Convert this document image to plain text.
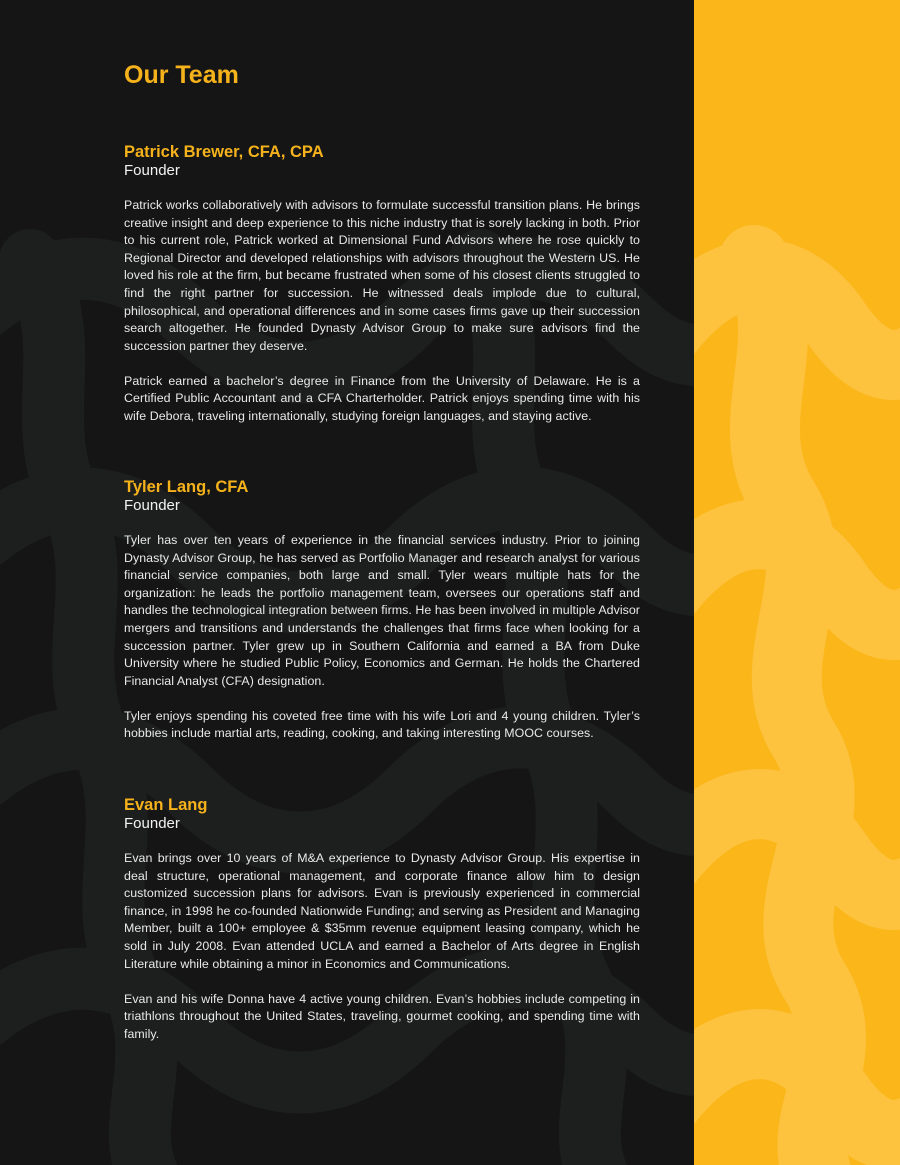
Our Team
Patrick Brewer, CFA, CPA

Founder

Patrick works collaboratively with advisors to formulate successful transition plans. He brings creative insight and deep experience to this niche industry that is sorely lacking in both. Prior to his current role, Patrick worked at Dimensional Fund Advisors where he rose quickly to Regional Director and developed relationships with advisors throughout the Western US. He loved his role at the firm, but became frustrated when some of his closest clients struggled to find the right partner for succession. He witnessed deals implode due to cultural, philosophical, and operational differences and in some cases firms gave up their succession search altogether. He founded Dynasty Advisor Group to make sure advisors find the succession partner they deserve.

Patrick earned a bachelor’s degree in Finance from the University of Delaware. He is a Certified Public Accountant and a CFA Charterholder. Patrick enjoys spending time with his wife Debora, traveling internationally, studying foreign languages, and staying active.

Tyler Lang, CFA

Founder

Tyler has over ten years of experience in the financial services industry. Prior to joining Dynasty Advisor Group, he has served as Portfolio Manager and research analyst for various financial service companies, both large and small. Tyler wears multiple hats for the organization: he leads the portfolio management team, oversees our operations staff and handles the technological integration between firms. He has been involved in multiple Advisor mergers and transitions and understands the challenges that firms face when looking for a succession partner. Tyler grew up in Southern California and earned a BA from Duke University where he studied Public Policy, Economics and German. He holds the Chartered Financial Analyst (CFA) designation.

Tyler enjoys spending his coveted free time with his wife Lori and 4 young children. Tyler’s hobbies include martial arts, reading, cooking, and taking interesting MOOC courses.

Evan Lang

Founder

Evan brings over 10 years of M&A experience to Dynasty Advisor Group. His expertise in deal structure, operational management, and corporate finance allow him to design customized succession plans for advisors. Evan is previously experienced in commercial finance, in 1998 he co-founded Nationwide Funding; and serving as President and Managing Member, built a 100+ employee & $35mm revenue equipment leasing company, which he sold in July 2008. Evan attended UCLA and earned a Bachelor of Arts degree in English Literature while obtaining a minor in Economics and Communications.

Evan and his wife Donna have 4 active young children. Evan’s hobbies include competing in triathlons throughout the United States, traveling, gourmet cooking, and spending time with family.
